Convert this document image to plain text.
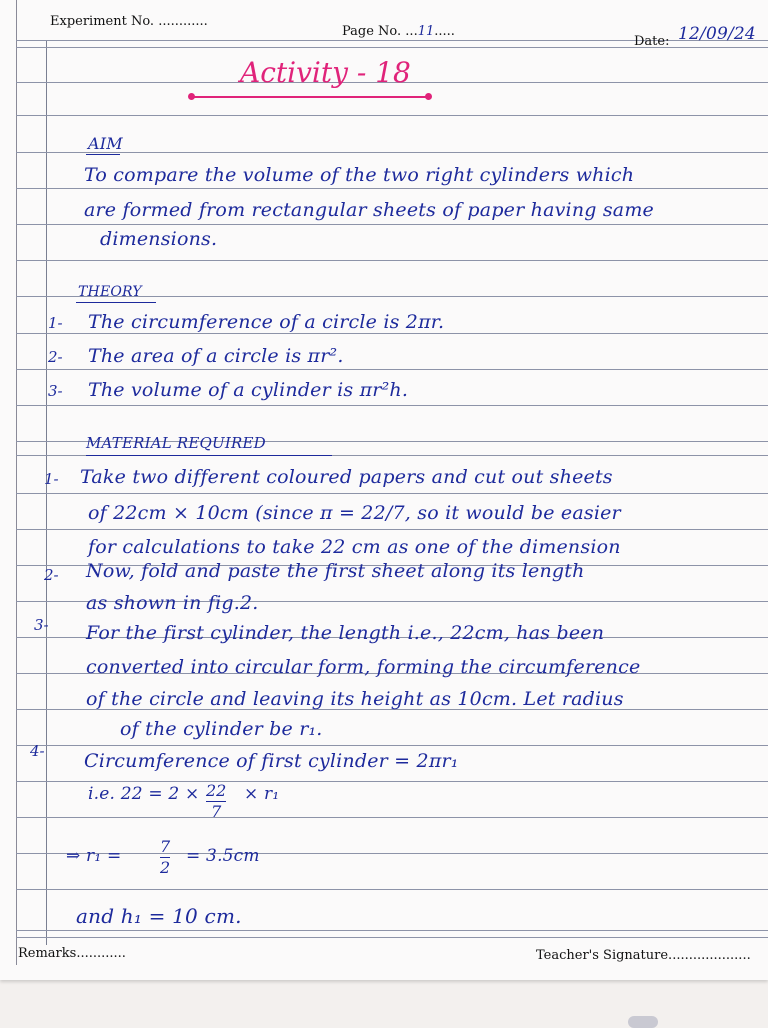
Experiment No. ............
Page No. ...11.....
Date: 12/09/24
Activity - 18
AIM
To compare the volume of the two right cylinders which
are formed from rectangular sheets of paper having same
dimensions.
THEORY
1- The circumference of a circle is 2πr.
2- The area of a circle is πr².
3- The volume of a cylinder is πr²h.
MATERIAL REQUIRED
1- Take two different coloured papers and cut out sheets
of 22cm × 10cm (since π = 22/7, so it would be easier
for calculations to take 22 cm as one of the dimension
2- Now, fold and paste the first sheet along its length
as shown in fig.2.
3- For the first cylinder, the length i.e., 22cm, has been
converted into circular form, forming the circumference
of the circle and leaving its height as 10cm. Let radius
of the cylinder be r₁.
4- Circumference of first cylinder = 2πr₁
i.e. 22 = 2 × 22
7
× r₁
⇒ r₁ = 7
2
= 3.5cm
and h₁ = 10 cm.
Remarks............	Teacher's Signature....................
